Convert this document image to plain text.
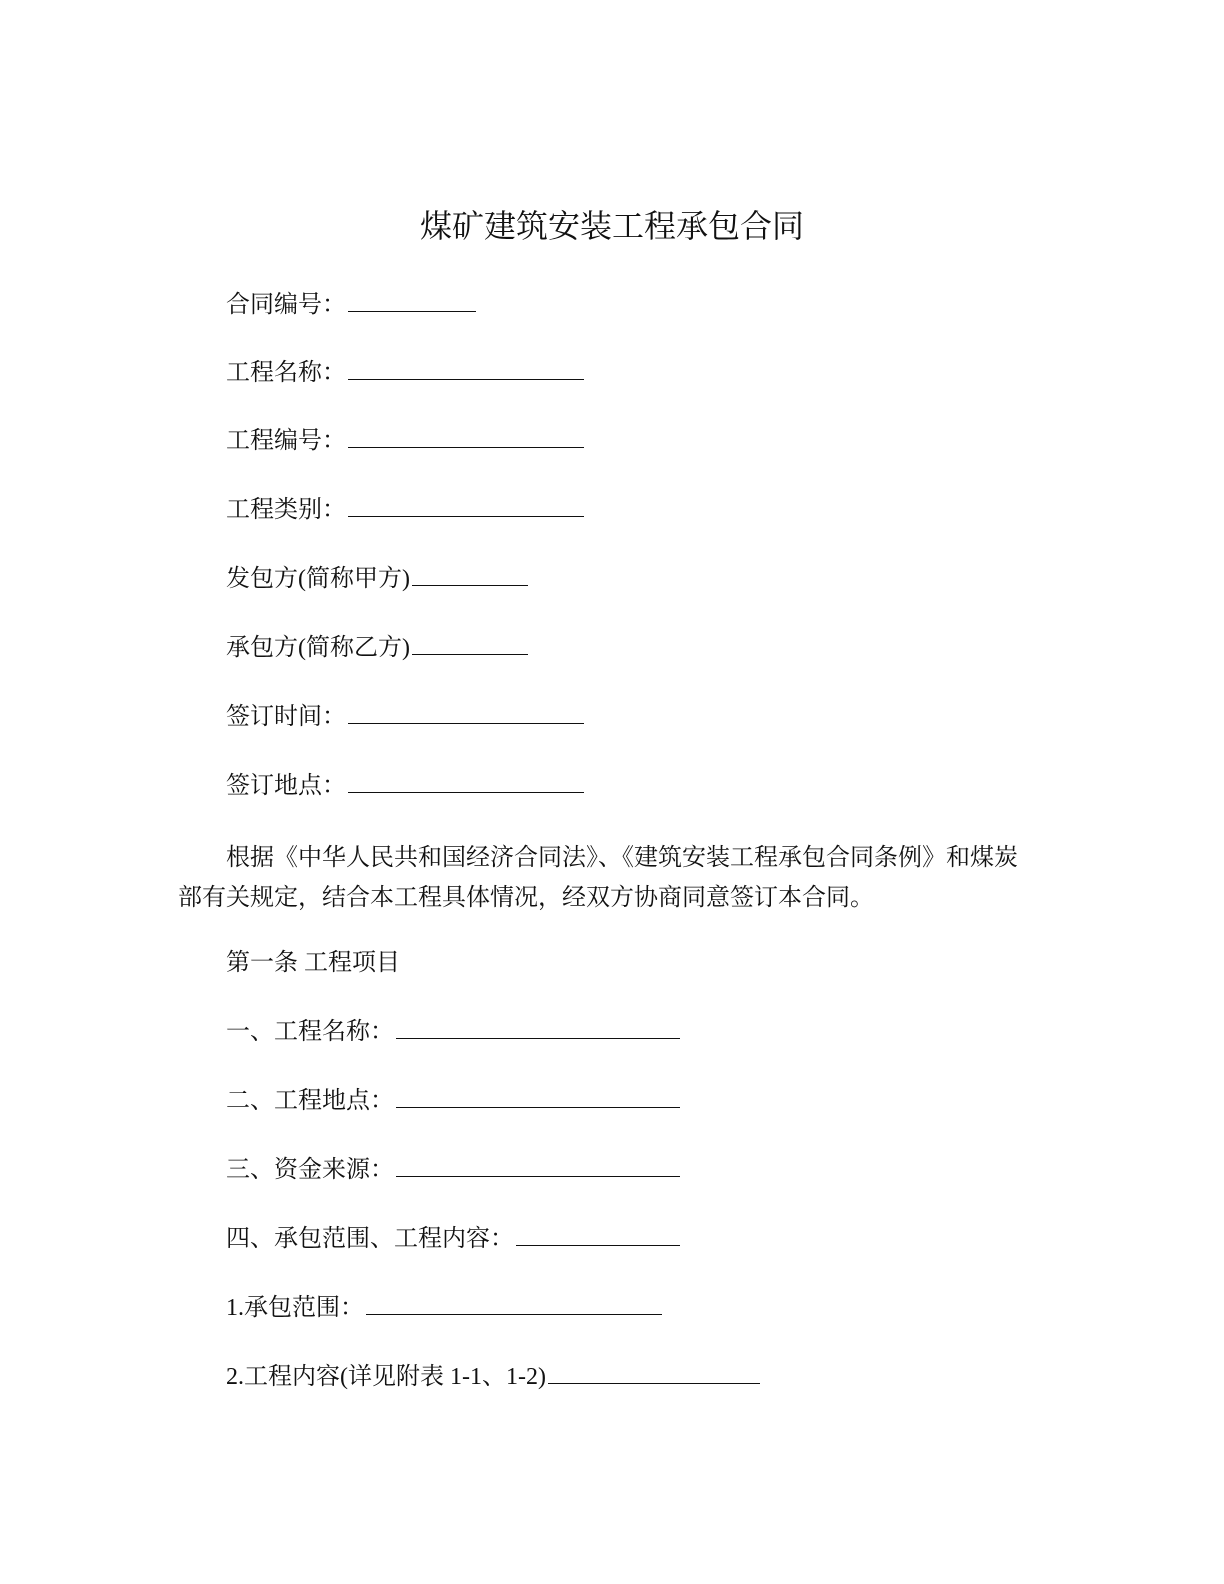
煤矿建筑安装工程承包合同
合同编号：
工程名称：
工程编号：
工程类别：
发包方(简称甲方)
承包方(简称乙方)
签订时间：
签订地点：
根据《中华人民共和国经济合同法》、《建筑安装工程承包合同条例》和煤炭
部有关规定，结合本工程具体情况，经双方协商同意签订本合同。
第一条 工程项目
一、工程名称：
二、工程地点：
三、资金来源：
四、承包范围、工程内容：
1.承包范围：
2.工程内容(详见附表 1-1、1-2)
